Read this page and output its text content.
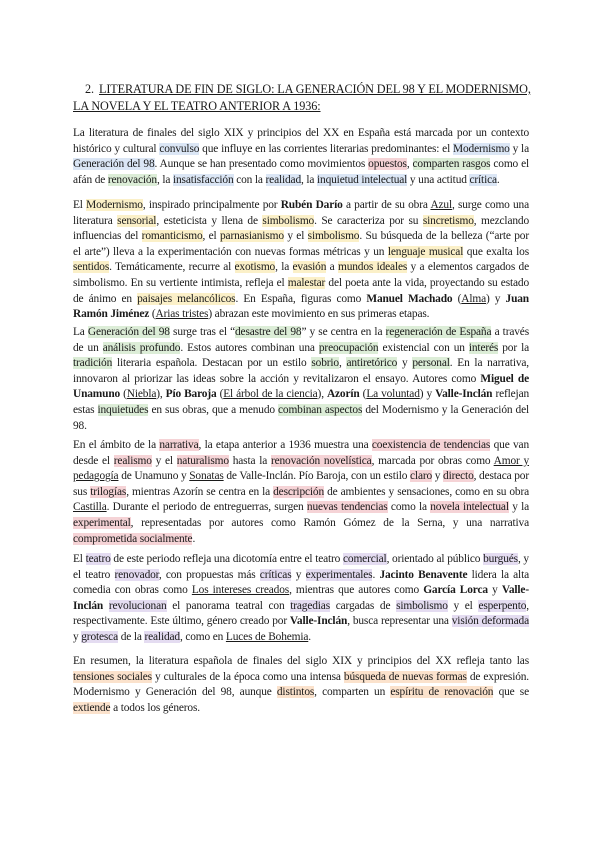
2. LITERATURA DE FIN DE SIGLO: LA GENERACIÓN DEL 98 Y EL MODERNISMO, LA NOVELA Y EL TEATRO ANTERIOR A 1936:
La literatura de finales del siglo XIX y principios del XX en España está marcada por un contexto histórico y cultural convulso que influye en las corrientes literarias predominantes: el Modernismo y la Generación del 98. Aunque se han presentado como movimientos opuestos, comparten rasgos como el afán de renovación, la insatisfacción con la realidad, la inquietud intelectual y una actitud crítica.
El Modernismo, inspirado principalmente por Rubén Darío a partir de su obra Azul, surge como una literatura sensorial, esteticista y llena de simbolismo. Se caracteriza por su sincretismo, mezclando influencias del romanticismo, el parnasianismo y el simbolismo. Su búsqueda de la belleza (“arte por el arte”) lleva a la experimentación con nuevas formas métricas y un lenguaje musical que exalta los sentidos. Temáticamente, recurre al exotismo, la evasión a mundos ideales y a elementos cargados de simbolismo. En su vertiente intimista, refleja el malestar del poeta ante la vida, proyectando su estado de ánimo en paisajes melancólicos. En España, figuras como Manuel Machado (Alma) y Juan Ramón Jiménez (Arias tristes) abrazan este movimiento en sus primeras etapas.
La Generación del 98 surge tras el “desastre del 98” y se centra en la regeneración de España a través de un análisis profundo. Estos autores combinan una preocupación existencial con un interés por la tradición literaria española. Destacan por un estilo sobrio, antiretórico y personal. En la narrativa, innovaron al priorizar las ideas sobre la acción y revitalizaron el ensayo. Autores como Miguel de Unamuno (Niebla), Pío Baroja (El árbol de la ciencia), Azorín (La voluntad) y Valle-Inclán reflejan estas inquietudes en sus obras, que a menudo combinan aspectos del Modernismo y la Generación del 98.
En el ámbito de la narrativa, la etapa anterior a 1936 muestra una coexistencia de tendencias que van desde el realismo y el naturalismo hasta la renovación novelística, marcada por obras como Amor y pedagogía de Unamuno y Sonatas de Valle-Inclán. Pío Baroja, con un estilo claro y directo, destaca por sus trilogías, mientras Azorín se centra en la descripción de ambientes y sensaciones, como en su obra Castilla. Durante el periodo de entreguerras, surgen nuevas tendencias como la novela intelectual y la experimental, representadas por autores como Ramón Gómez de la Serna, y una narrativa comprometida socialmente.
El teatro de este periodo refleja una dicotomía entre el teatro comercial, orientado al público burgués, y el teatro renovador, con propuestas más críticas y experimentales. Jacinto Benavente lidera la alta comedia con obras como Los intereses creados, mientras que autores como García Lorca y Valle-Inclán revolucionan el panorama teatral con tragedias cargadas de simbolismo y el esperpento, respectivamente. Este último, género creado por Valle-Inclán, busca representar una visión deformada y grotesca de la realidad, como en Luces de Bohemia.
En resumen, la literatura española de finales del siglo XIX y principios del XX refleja tanto las tensiones sociales y culturales de la época como una intensa búsqueda de nuevas formas de expresión. Modernismo y Generación del 98, aunque distintos, comparten un espíritu de renovación que se extiende a todos los géneros.
